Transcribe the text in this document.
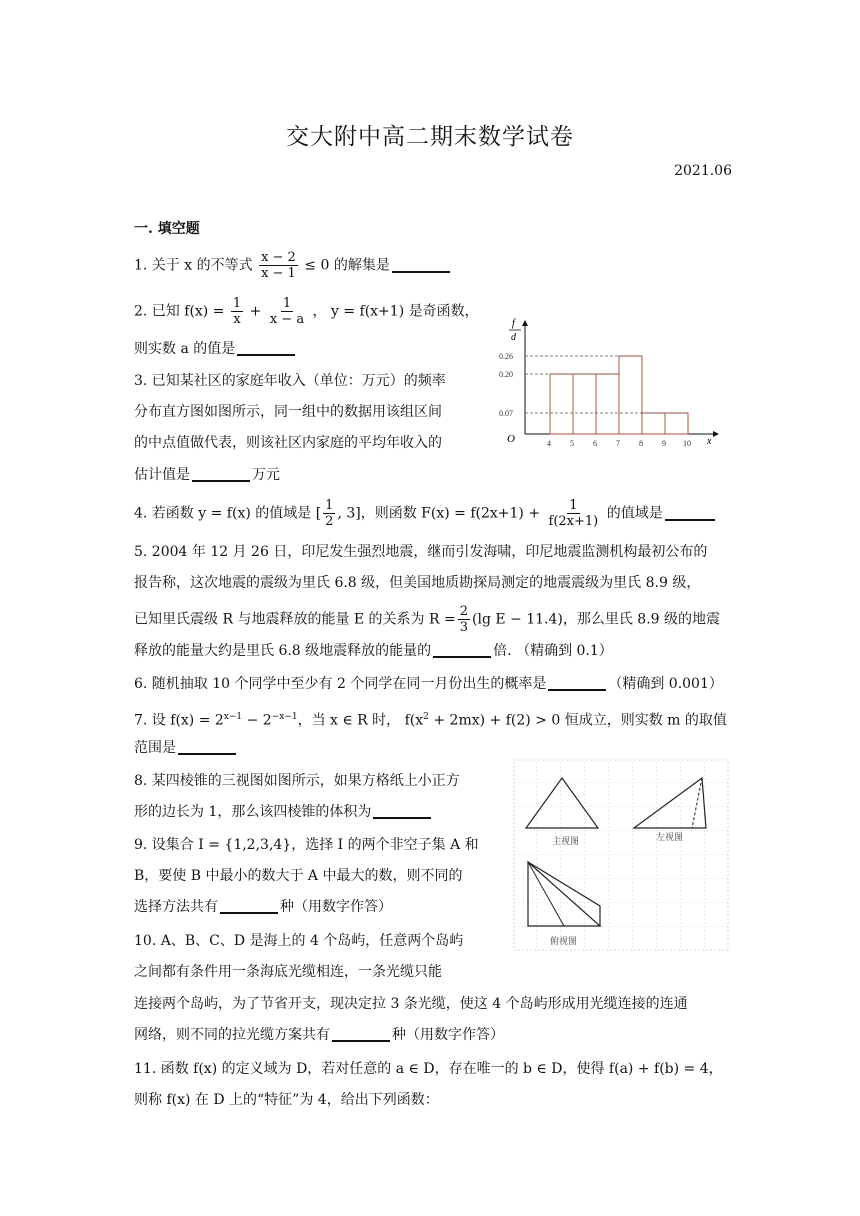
交大附中高二期末数学试卷
2021.06
一. 填空题
1. 关于 x 的不等式 $\frac{x - 2}{x - 1} \le 0$ 的解集是
2. 已知 $f(x) = \frac{1}{x} + \frac{1}{x - a}$ ， y = f(x+1) 是奇函数，
则实数 a 的值是
3. 已知某社区的家庭年收入（单位：万元）的频率
分布直方图如图所示，同一组中的数据用该组区间
的中点值做代表，则该社区内家庭的平均年收入的
估计值是	万元
0.26
0.20
0.07
4 5 6 7 8 9 10
f
d
O	x
4. 若函数 y = f(x) 的值域是 [ $\frac{1}{2}$ , 3]，则函数 $F(x) = f(2x+1) + \frac{1}{f(2x+1)}$ 的值域是
5. 2004 年 12 月 26 日，印尼发生强烈地震，继而引发海啸，印尼地震监测机构最初公布的
报告称，这次地震的震级为里氏 6.8 级，但美国地质勘探局测定的地震震级为里氏 8.9 级，
已知里氏震级 R 与地震释放的能量 E 的关系为 $R = \frac{2}{3} (\lg$ E − 11.4)，那么里氏 8.9 级的地震
释放的能量大约是里氏 6.8 级地震释放的能量的	倍. （精确到 0.1）
6. 随机抽取 10 个同学中至少有 2 个同学在同一月份出生的概率是	（精确到 0.001）
7. 设 $f(x) = 2^{x-1} - 2^{-x-1}$，当 x ∈ R 时， $f(x^2 + 2mx) + f(2) > 0$ 恒成立，则实数 m 的取值
范围是
8. 某四棱锥的三视图如图所示，如果方格纸上小正方
形的边长为 1，那么该四棱锥的体积为
9. 设集合 I = {1,2,3,4}，选择 I 的两个非空子集 A 和
B，要使 B 中最小的数大于 A 中最大的数，则不同的
选择方法共有	种（用数字作答）
10. A、B、C、D 是海上的 4 个岛屿，任意两个岛屿
之间都有条件用一条海底光缆相连，一条光缆只能
连接两个岛屿，为了节省开支，现决定拉 3 条光缆，使这 4 个岛屿形成用光缆连接的连通
网络，则不同的拉光缆方案共有	种（用数字作答）
11. 函数 f(x) 的定义域为 D，若对任意的 a ∈ D，存在唯一的 b ∈ D，使得 f(a) + f(b) = 4，
则称 f(x) 在 D 上的“特征”为 4，给出下列函数：
主视图	左视图
俯视图
